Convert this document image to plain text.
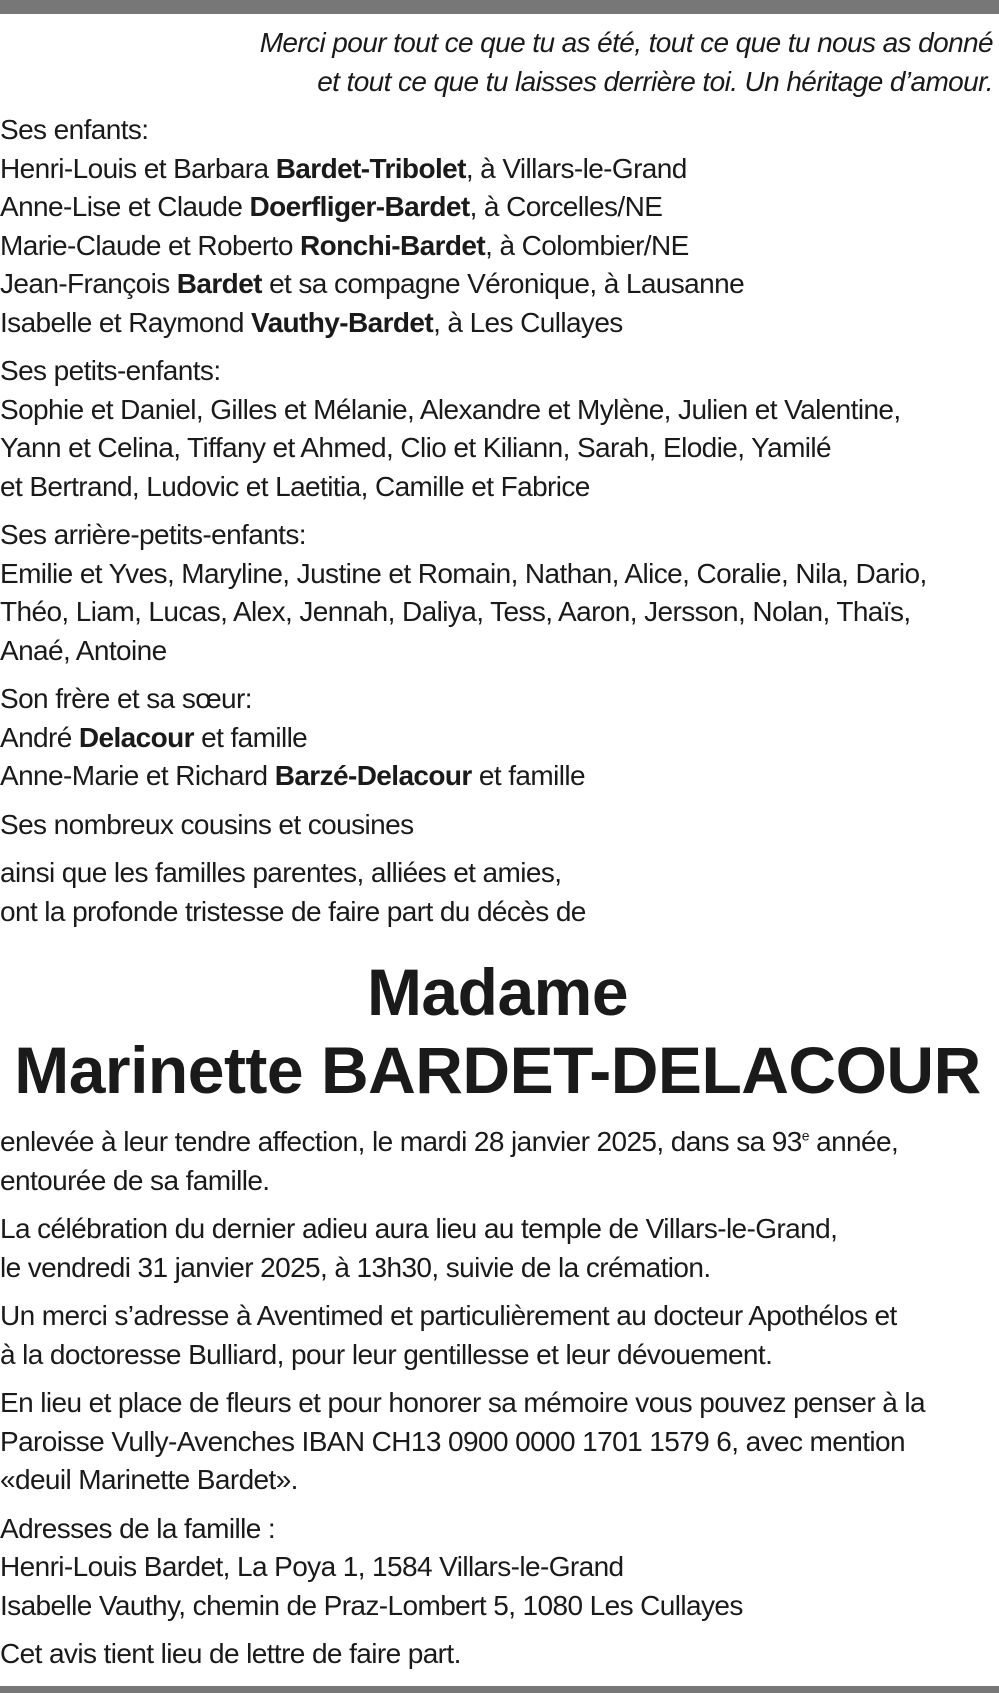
Merci pour tout ce que tu as été, tout ce que tu nous as donné
et tout ce que tu laisses derrière toi. Un héritage d’amour.
Ses enfants:
Henri-Louis et Barbara Bardet-Tribolet, à Villars-le-Grand
Anne-Lise et Claude Doerfliger-Bardet, à Corcelles/NE
Marie-Claude et Roberto Ronchi-Bardet, à Colombier/NE
Jean-François Bardet et sa compagne Véronique, à Lausanne
Isabelle et Raymond Vauthy-Bardet, à Les Cullayes
Ses petits-enfants:
Sophie et Daniel, Gilles et Mélanie, Alexandre et Mylène, Julien et Valentine,
Yann et Celina, Tiffany et Ahmed, Clio et Kiliann, Sarah, Elodie, Yamilé
et Bertrand, Ludovic et Laetitia, Camille et Fabrice
Ses arrière-petits-enfants:
Emilie et Yves, Maryline, Justine et Romain, Nathan, Alice, Coralie, Nila, Dario,
Théo, Liam, Lucas, Alex, Jennah, Daliya, Tess, Aaron, Jersson, Nolan, Thaïs,
Anaé, Antoine
Son frère et sa sœur:
André Delacour et famille
Anne-Marie et Richard Barzé-Delacour et famille
Ses nombreux cousins et cousines
ainsi que les familles parentes, alliées et amies,
ont la profonde tristesse de faire part du décès de
Madame
Marinette BARDET-DELACOUR
enlevée à leur tendre affection, le mardi 28 janvier 2025, dans sa 93e année,
entourée de sa famille.
La célébration du dernier adieu aura lieu au temple de Villars-le-Grand,
le vendredi 31 janvier 2025, à 13h30, suivie de la crémation.
Un merci s’adresse à Aventimed et particulièrement au docteur Apothélos et
à la doctoresse Bulliard, pour leur gentillesse et leur dévouement.
En lieu et place de fleurs et pour honorer sa mémoire vous pouvez penser à la
Paroisse Vully-Avenches IBAN CH13 0900 0000 1701 1579 6, avec mention
«deuil Marinette Bardet».
Adresses de la famille :
Henri-Louis Bardet, La Poya 1, 1584 Villars-le-Grand
Isabelle Vauthy, chemin de Praz-Lombert 5, 1080 Les Cullayes
Cet avis tient lieu de lettre de faire part.
